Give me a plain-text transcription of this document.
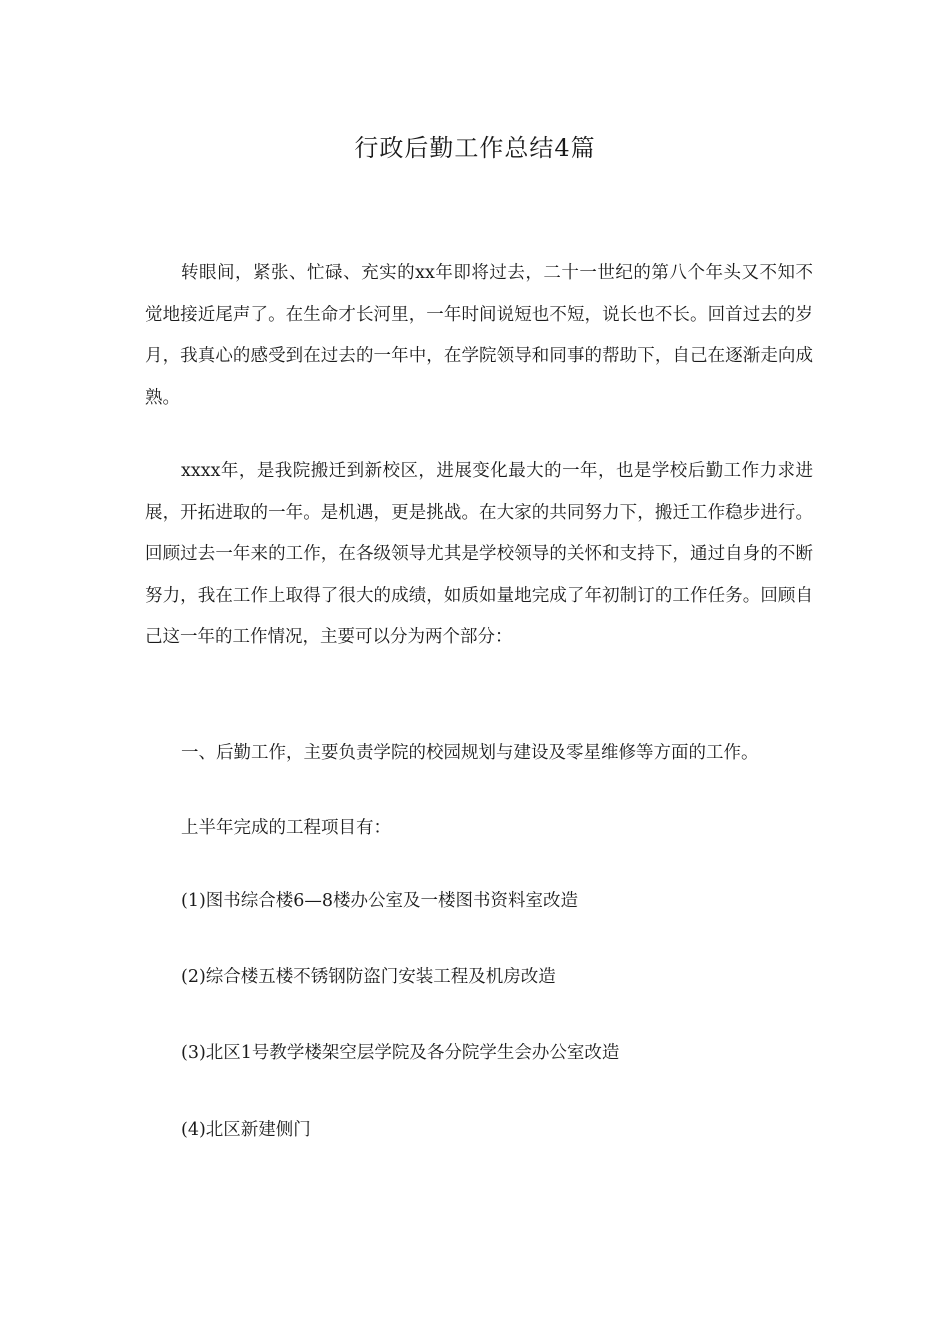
行政后勤工作总结4篇

转眼间，紧张、忙碌、充实的xx年即将过去，二十一世纪的第八个年头又不知不觉地接近尾声了。在生命才长河里，一年时间说短也不短，说长也不长。回首过去的岁月，我真心的感受到在过去的一年中，在学院领导和同事的帮助下，自己在逐渐走向成熟。

xxxx年，是我院搬迁到新校区，进展变化最大的一年，也是学校后勤工作力求进展，开拓进取的一年。是机遇，更是挑战。在大家的共同努力下，搬迁工作稳步进行。回顾过去一年来的工作，在各级领导尤其是学校领导的关怀和支持下，通过自身的不断努力，我在工作上取得了很大的成绩，如质如量地完成了年初制订的工作任务。回顾自己这一年的工作情况，主要可以分为两个部分：

一、后勤工作，主要负责学院的校园规划与建设及零星维修等方面的工作。

上半年完成的工程项目有：

(1)图书综合楼6—8楼办公室及一楼图书资料室改造

(2)综合楼五楼不锈钢防盗门安装工程及机房改造

(3)北区1号教学楼架空层学院及各分院学生会办公室改造

(4)北区新建侧门
